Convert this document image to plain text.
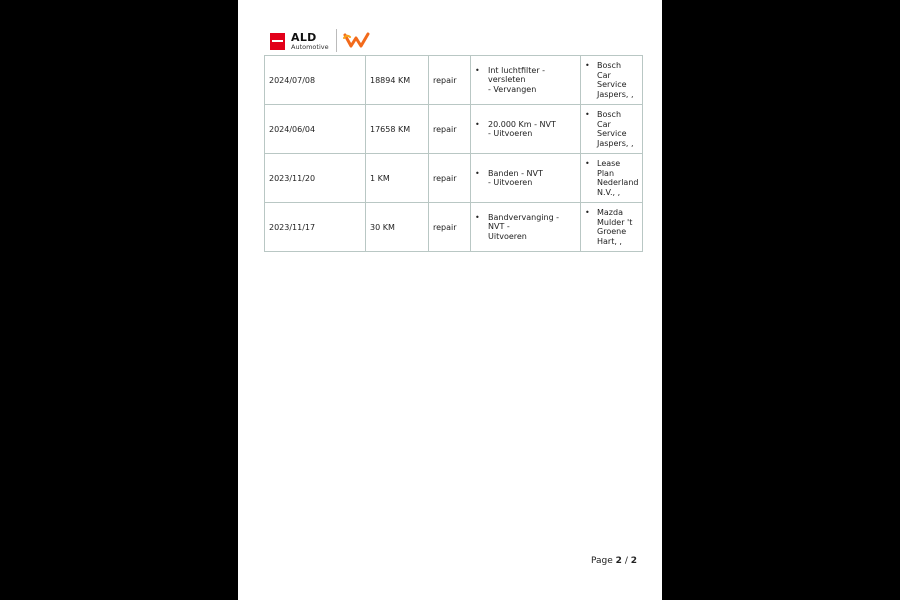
ALD
Automotive
2024/07/08	18894 KM	repair	• Int luchtfilter -
versleten
- Vervangen	• Bosch
Car
Service
Jaspers, ,

2024/06/04	17658 KM	repair	• 20.000 Km - NVT
- Uitvoeren	• Bosch
Car
Service
Jaspers, ,

2023/11/20	1 KM	repair	• Banden - NVT
- Uitvoeren	• Lease
Plan
Nederland
N.V., ,

2023/11/17	30 KM	repair	• Bandvervanging -
NVT -
Uitvoeren	• Mazda
Mulder 't
Groene
Hart, ,
Page 2 / 2
